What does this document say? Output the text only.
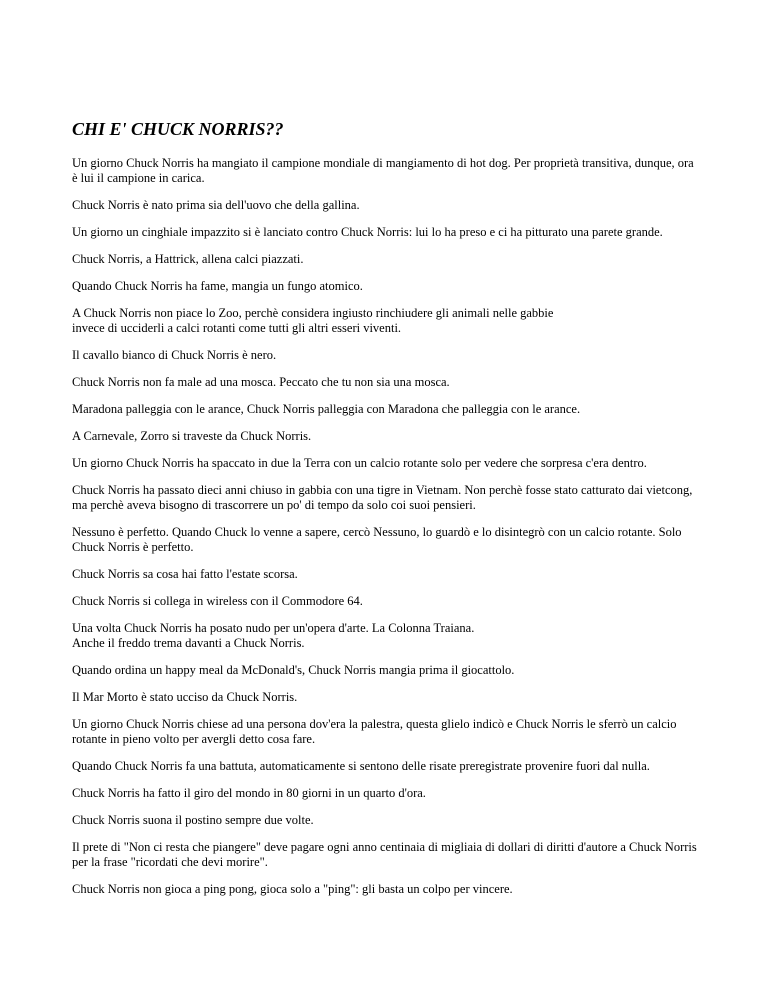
CHI E' CHUCK NORRIS??

Un giorno Chuck Norris ha mangiato il campione mondiale di mangiamento di hot dog. Per proprietà transitiva, dunque, ora è lui il campione in carica.

Chuck Norris è nato prima sia dell'uovo che della gallina.

Un giorno un cinghiale impazzito si è lanciato contro Chuck Norris: lui lo ha preso e ci ha pitturato una parete grande.

Chuck Norris, a Hattrick, allena calci piazzati.

Quando Chuck Norris ha fame, mangia un fungo atomico.

A Chuck Norris non piace lo Zoo, perchè considera ingiusto rinchiudere gli animali nelle gabbie
invece di ucciderli a calci rotanti come tutti gli altri esseri viventi.

Il cavallo bianco di Chuck Norris è nero.

Chuck Norris non fa male ad una mosca. Peccato che tu non sia una mosca.

Maradona palleggia con le arance, Chuck Norris palleggia con Maradona che palleggia con le arance.

A Carnevale, Zorro si traveste da Chuck Norris.

Un giorno Chuck Norris ha spaccato in due la Terra con un calcio rotante solo per vedere che sorpresa c'era dentro.

Chuck Norris ha passato dieci anni chiuso in gabbia con una tigre in Vietnam. Non perchè fosse stato catturato dai vietcong, ma perchè aveva bisogno di trascorrere un po' di tempo da solo coi suoi pensieri.

Nessuno è perfetto. Quando Chuck lo venne a sapere, cercò Nessuno, lo guardò e lo disintegrò con un calcio rotante. Solo Chuck Norris è perfetto.

Chuck Norris sa cosa hai fatto l'estate scorsa.

Chuck Norris si collega in wireless con il Commodore 64.

Una volta Chuck Norris ha posato nudo per un'opera d'arte. La Colonna Traiana.
Anche il freddo trema davanti a Chuck Norris.

Quando ordina un happy meal da McDonald's, Chuck Norris mangia prima il giocattolo.

Il Mar Morto è stato ucciso da Chuck Norris.

Un giorno Chuck Norris chiese ad una persona dov'era la palestra, questa glielo indicò e Chuck Norris le sferrò un calcio rotante in pieno volto per avergli detto cosa fare.

Quando Chuck Norris fa una battuta, automaticamente si sentono delle risate preregistrate provenire fuori dal nulla.

Chuck Norris ha fatto il giro del mondo in 80 giorni in un quarto d'ora.

Chuck Norris suona il postino sempre due volte.

Il prete di "Non ci resta che piangere" deve pagare ogni anno centinaia di migliaia di dollari di diritti d'autore a Chuck Norris per la frase "ricordati che devi morire".

Chuck Norris non gioca a ping pong, gioca solo a "ping": gli basta un colpo per vincere.
